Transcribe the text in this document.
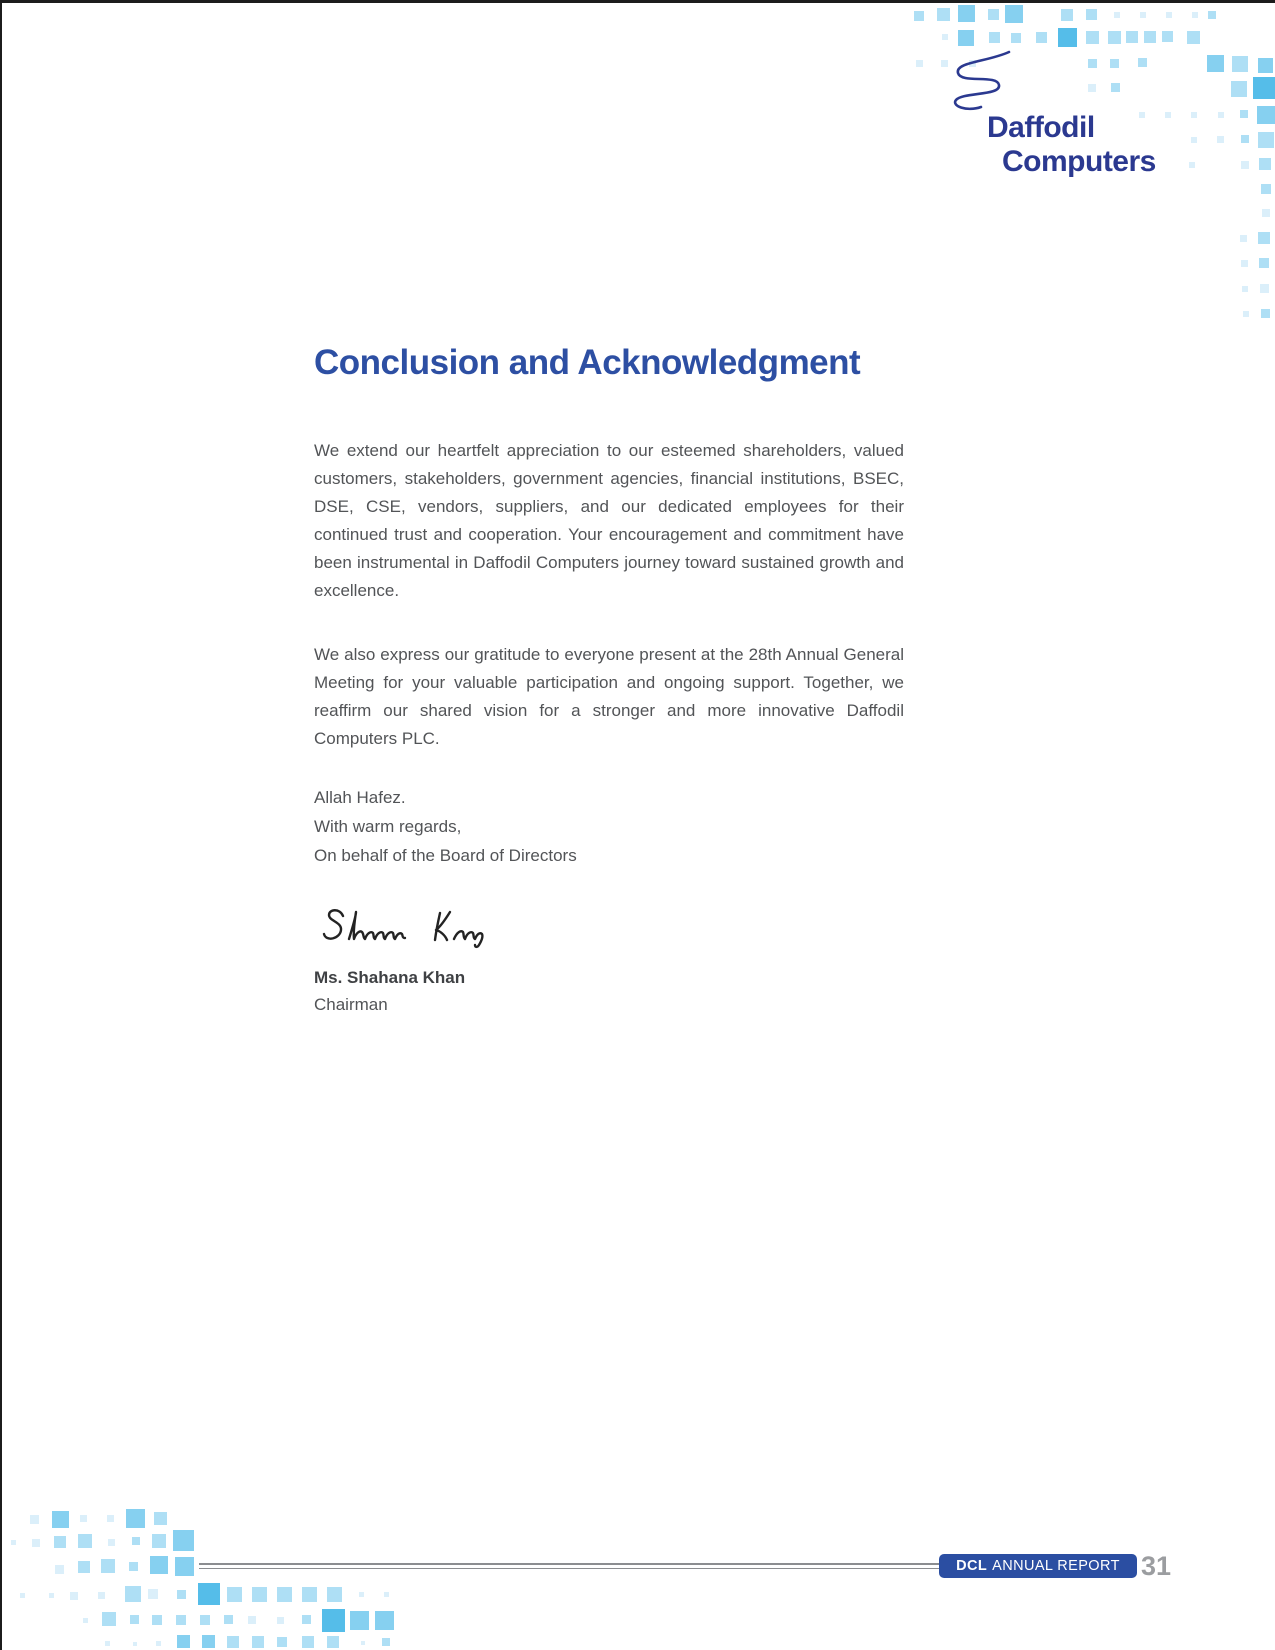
Daffodil
Computers
Conclusion and Acknowledgment

We extend our heartfelt appreciation to our esteemed shareholders, valued customers, stakeholders, government agencies, financial institutions, BSEC, DSE, CSE, vendors, suppliers, and our dedicated employees for their continued trust and cooperation. Your encouragement and commitment have been instrumental in Daffodil Computers journey toward sustained growth and excellence.

We also express our gratitude to everyone present at the 28th Annual General Meeting for your valuable participation and ongoing support. Together, we reaffirm our shared vision for a stronger and more innovative Daffodil Computers PLC.

Allah Hafez.
With warm regards,
On behalf of the Board of Directors
Ms. Shahana Khan
Chairman
DCL ANNUAL REPORT 31
